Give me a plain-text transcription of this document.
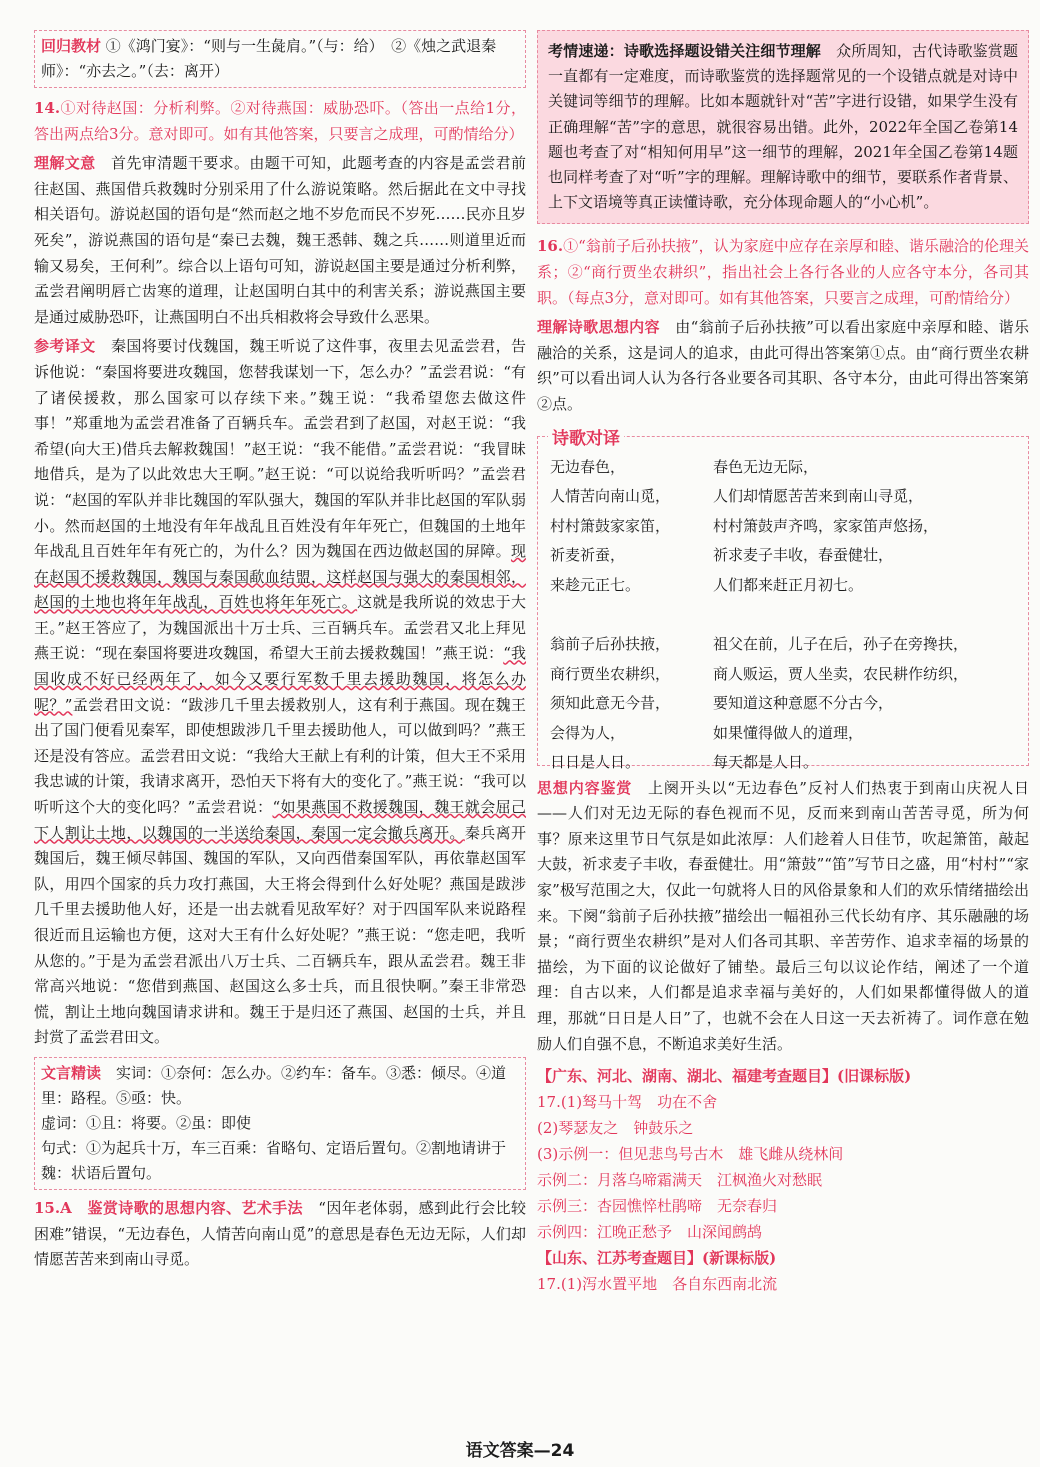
回归教材 ①《鸿门宴》：“则与一生彘肩。”（与：给）　②《烛之武退秦师》：“亦去之。”（去：离开）

14.①对待赵国：分析利弊。②对待燕国：威胁恐吓。（答出一点给1分，答出两点给3分。意对即可。如有其他答案，只要言之成理，可酌情给分）

理解文意　 首先审清题干要求。由题干可知，此题考查的内容是孟尝君前往赵国、燕国借兵救魏时分别采用了什么游说策略。然后据此在文中寻找相关语句。游说赵国的语句是“然而赵之地不岁危而民不岁死……民亦且岁死矣”，游说燕国的语句是“秦已去魏，魏王悉韩、魏之兵……则道里近而输又易矣，王何利”。综合以上语句可知，游说赵国主要是通过分析利弊，孟尝君阐明唇亡齿寒的道理，让赵国明白其中的利害关系；游说燕国主要是通过威胁恐吓，让燕国明白不出兵相救将会导致什么恶果。

参考译文　 秦国将要讨伐魏国，魏王听说了这件事，夜里去见孟尝君，告诉他说：“秦国将要进攻魏国，您替我谋划一下，怎么办？”孟尝君说：“有了诸侯援救，那么国家可以存续下来。”魏王说：“我希望您去做这件事！”郑重地为孟尝君准备了百辆兵车。孟尝君到了赵国，对赵王说：“我希望(向大王)借兵去解救魏国！”赵王说：“我不能借。”孟尝君说：“我冒昧地借兵，是为了以此效忠大王啊。”赵王说：“可以说给我听听吗？”孟尝君说：“赵国的军队并非比魏国的军队强大，魏国的军队并非比赵国的军队弱小。然而赵国的土地没有年年战乱且百姓没有年年死亡，但魏国的土地年年战乱且百姓年年有死亡的，为什么？因为魏国在西边做赵国的屏障。现在赵国不援救魏国，魏国与秦国歃血结盟，这样赵国与强大的秦国相邻，赵国的土地也将年年战乱，百姓也将年年死亡。这就是我所说的效忠于大王。”赵王答应了，为魏国派出十万士兵、三百辆兵车。孟尝君又北上拜见燕王说：“现在秦国将要进攻魏国，希望大王前去援救魏国！”燕王说：“我国收成不好已经两年了，如今又要行军数千里去援助魏国，将怎么办呢？”孟尝君田文说：“跋涉几千里去援救别人，这有利于燕国。现在魏王出了国门便看见秦军，即使想跋涉几千里去援助他人，可以做到吗？”燕王还是没有答应。孟尝君田文说：“我给大王献上有利的计策，但大王不采用我忠诚的计策，我请求离开，恐怕天下将有大的变化了。”燕王说：“我可以听听这个大的变化吗？”孟尝君说：“如果燕国不救援魏国，魏王就会屈己下人割让土地，以魏国的一半送给秦国，秦国一定会撤兵离开。秦兵离开魏国后，魏王倾尽韩国、魏国的军队，又向西借秦国军队，再依靠赵国军队，用四个国家的兵力攻打燕国，大王将会得到什么好处呢？燕国是跋涉几千里去援助他人好，还是一出去就看见敌军好？对于四国军队来说路程很近而且运输也方便，这对大王有什么好处呢？”燕王说：“您走吧，我听从您的。”于是为孟尝君派出八万士兵、二百辆兵车，跟从孟尝君。魏王非常高兴地说：“您借到燕国、赵国这么多士兵，而且很快啊。”秦王非常恐慌，割让土地向魏国请求讲和。魏王于是归还了燕国、赵国的士兵，并且封赏了孟尝君田文。

文言精读　 实词：①奈何：怎么办。②约车：备车。③悉：倾尽。④道里：路程。⑤亟：快。
虚词：①且：将要。②虽：即使
句式：①为起兵十万，车三百乘：省略句、定语后置句。②割地请讲于魏：状语后置句。

15.A　 鉴赏诗歌的思想内容、艺术手法　 “因年老体弱，感到此行会比较困难”错误，“无边春色，人情苦向南山觅”的意思是春色无边无际，人们却情愿苦苦来到南山寻觅。

考情速递：诗歌选择题设错关注细节理解　 众所周知，古代诗歌鉴赏题一直都有一定难度，而诗歌鉴赏的选择题常见的一个设错点就是对诗中关键词等细节的理解。比如本题就针对“苦”字进行设错，如果学生没有正确理解“苦”字的意思，就很容易出错。此外，2022年全国乙卷第14题也考查了对“相知何用早”这一细节的理解，2021年全国乙卷第14题也同样考查了对“听”字的理解。理解诗歌中的细节，要联系作者背景、上下文语境等真正读懂诗歌，充分体现命题人的“小心机”。

16.①“翁前子后孙扶掖”，认为家庭中应存在亲厚和睦、谐乐融洽的伦理关系；②“商行贾坐农耕织”，指出社会上各行各业的人应各守本分，各司其职。（每点3分，意对即可。如有其他答案，只要言之成理，可酌情给分）

理解诗歌思想内容　 由“翁前子后孙扶掖”可以看出家庭中亲厚和睦、谐乐融洽的关系，这是词人的追求，由此可得出答案第①点。由“商行贾坐农耕织”可以看出词人认为各行各业要各司其职、各守本分，由此可得出答案第②点。

诗歌对译
无边春色，
人情苦向南山觅，
村村箫鼓家家笛，
祈麦祈蚕，
来趁元正七。
翁前子后孙扶掖，
商行贾坐农耕织，
须知此意无今昔，
会得为人，
日日是人日。
春色无边无际，
人们却情愿苦苦来到南山寻觅，
村村箫鼓声齐鸣，家家笛声悠扬，
祈求麦子丰收，春蚕健壮，
人们都来赶正月初七。
祖父在前，儿子在后，孙子在旁搀扶，
商人贩运，贾人坐卖，农民耕作纺织，
要知道这种意愿不分古今，
如果懂得做人的道理，
每天都是人日。

思想内容鉴赏　 上阕开头以“无边春色”反衬人们热衷于到南山庆祝人日——人们对无边无际的春色视而不见，反而来到南山苦苦寻觅，所为何事？原来这里节日气氛是如此浓厚：人们趁着人日佳节，吹起箫笛，敲起大鼓，祈求麦子丰收，春蚕健壮。用“箫鼓”“笛”写节日之盛，用“村村”“家家”极写范围之大，仅此一句就将人日的风俗景象和人们的欢乐情绪描绘出来。下阕“翁前子后孙扶掖”描绘出一幅祖孙三代长幼有序、其乐融融的场景；“商行贾坐农耕织”是对人们各司其职、辛苦劳作、追求幸福的场景的描绘，为下面的议论做好了铺垫。最后三句以议论作结，阐述了一个道理：自古以来，人们都是追求幸福与美好的，人们如果都懂得做人的道理，那就“日日是人日”了，也就不会在人日这一天去祈祷了。词作意在勉励人们自强不息，不断追求美好生活。

【广东、河北、湖南、湖北、福建考查题目】(旧课标版)
17.(1)驽马十驾　功在不舍
(2)琴瑟友之　钟鼓乐之
(3)示例一：但见悲鸟号古木　雄飞雌从绕林间
示例二：月落乌啼霜满天　江枫渔火对愁眠
示例三：杏园憔悴杜鹃啼　无奈春归
示例四：江晚正愁予　山深闻鹧鸪
【山东、江苏考查题目】(新课标版)
17.(1)泻水置平地　各自东西南北流
语文答案—24
